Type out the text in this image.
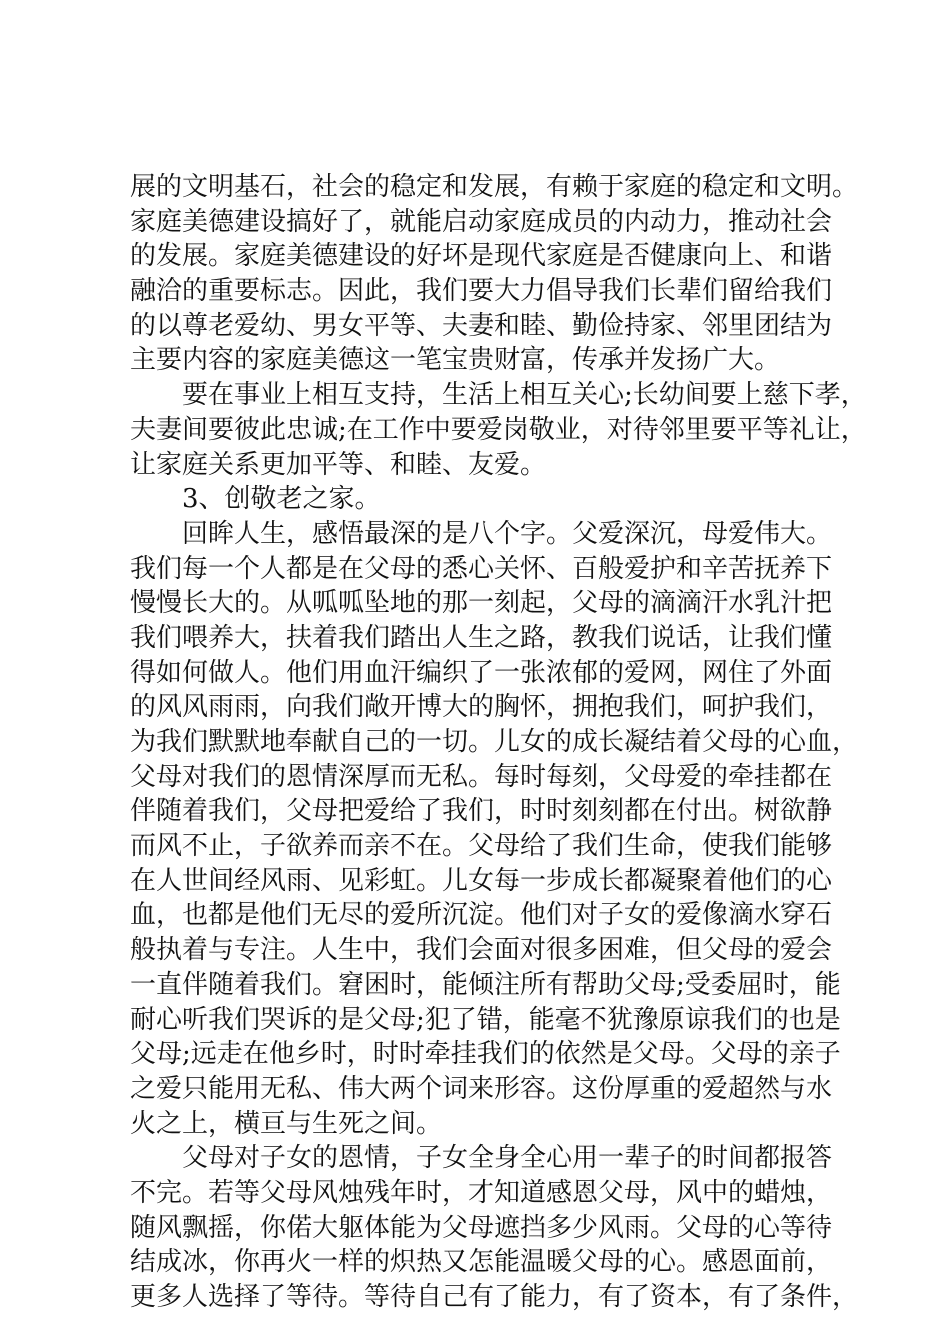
展的文明基石，社会的稳定和发展，有赖于家庭的稳定和文明。
家庭美德建设搞好了，就能启动家庭成员的内动力，推动社会
的发展。家庭美德建设的好坏是现代家庭是否健康向上、和谐
融洽的重要标志。因此，我们要大力倡导我们长辈们留给我们
的以尊老爱幼、男女平等、夫妻和睦、勤俭持家、邻里团结为
主要内容的家庭美德这一笔宝贵财富，传承并发扬广大。
要在事业上相互支持，生活上相互关心;长幼间要上慈下孝，
夫妻间要彼此忠诚;在工作中要爱岗敬业，对待邻里要平等礼让，
让家庭关系更加平等、和睦、友爱。
3、创敬老之家。
回眸人生，感悟最深的是八个字。父爱深沉，母爱伟大。
我们每一个人都是在父母的悉心关怀、百般爱护和辛苦抚养下
慢慢长大的。从呱呱坠地的那一刻起，父母的滴滴汗水乳汁把
我们喂养大，扶着我们踏出人生之路，教我们说话，让我们懂
得如何做人。他们用血汗编织了一张浓郁的爱网，网住了外面
的风风雨雨，向我们敞开博大的胸怀，拥抱我们，呵护我们，
为我们默默地奉献自己的一切。儿女的成长凝结着父母的心血，
父母对我们的恩情深厚而无私。每时每刻，父母爱的牵挂都在
伴随着我们，父母把爱给了我们，时时刻刻都在付出。树欲静
而风不止，子欲养而亲不在。父母给了我们生命，使我们能够
在人世间经风雨、见彩虹。儿女每一步成长都凝聚着他们的心
血，也都是他们无尽的爱所沉淀。他们对子女的爱像滴水穿石
般执着与专注。人生中，我们会面对很多困难，但父母的爱会
一直伴随着我们。窘困时，能倾注所有帮助父母;受委屈时，能
耐心听我们哭诉的是父母;犯了错，能毫不犹豫原谅我们的也是
父母;远走在他乡时，时时牵挂我们的依然是父母。父母的亲子
之爱只能用无私、伟大两个词来形容。这份厚重的爱超然与水
火之上，横亘与生死之间。
父母对子女的恩情，子女全身全心用一辈子的时间都报答
不完。若等父母风烛残年时，才知道感恩父母，风中的蜡烛，
随风飘摇，你偌大躯体能为父母遮挡多少风雨。父母的心等待
结成冰，你再火一样的炽热又怎能温暖父母的心。感恩面前，
更多人选择了等待。等待自己有了能力，有了资本，有了条件，
